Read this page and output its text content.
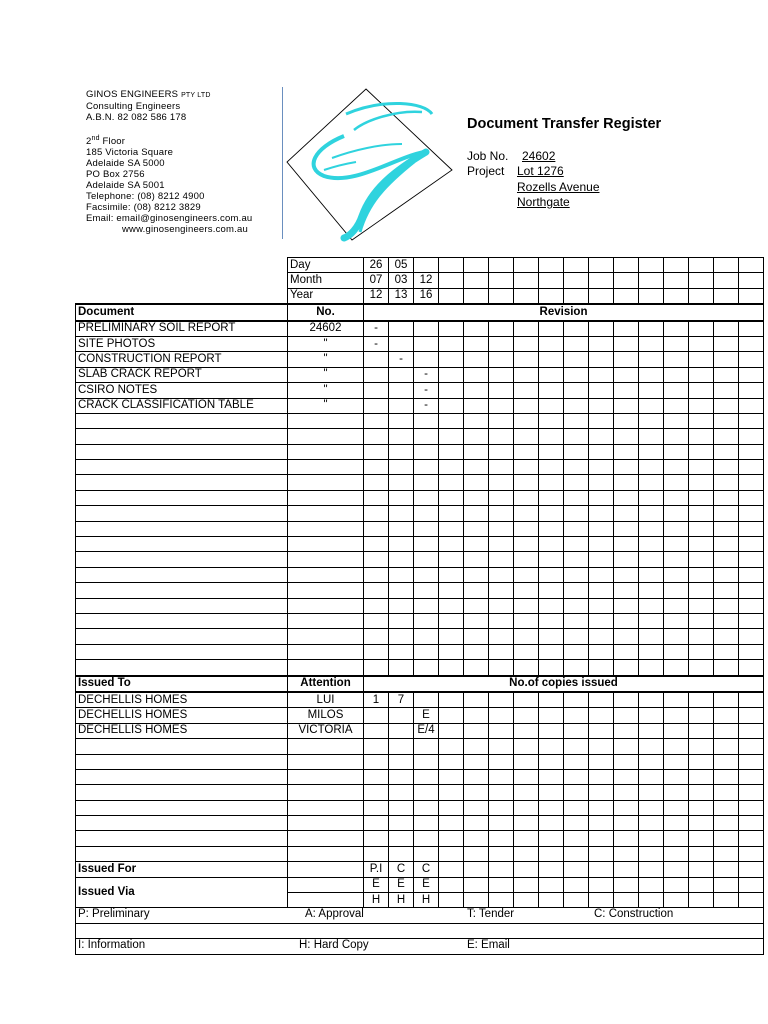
GINOS ENGINEERS PTY LTD
Consulting Engineers
A.B.N. 82 082 586 178
2nd Floor
185 Victoria Square
Adelaide SA 5000
PO Box 2756
Adelaide SA 5001
Telephone: (08) 8212 4900
Facsimile: (08) 8212 3829
Email: email@ginosengineers.com.au
www.ginosengineers.com.au
Document Transfer Register
Job No. 24602
Project Lot 1276
Rozells Avenue
Northgate
	Day	26	05														
	Month	07	03	12													
	Year	12	13	16													
Document	No.	Revision															
PRELIMINARY SOIL REPORT	24602	-															
SITE PHOTOS	"	-															
CONSTRUCTION REPORT	"		-														
SLAB CRACK REPORT	"			-													
CSIRO NOTES	"			-													
CRACK CLASSIFICATION TABLE	"			-													

Issued To	Attention	No.of copies issued															
DECHELLIS HOMES	LUI	1	7														
DECHELLIS HOMES	MILOS			E													
DECHELLIS HOMES	VICTORIA			E/4													

Issued For		P.I	C	C													
Issued Via		E	E	E													
		H	H	H													

P: Preliminary A: Approval T: Tender C: Construction																	

I: Information H: Hard Copy E: Email																	
